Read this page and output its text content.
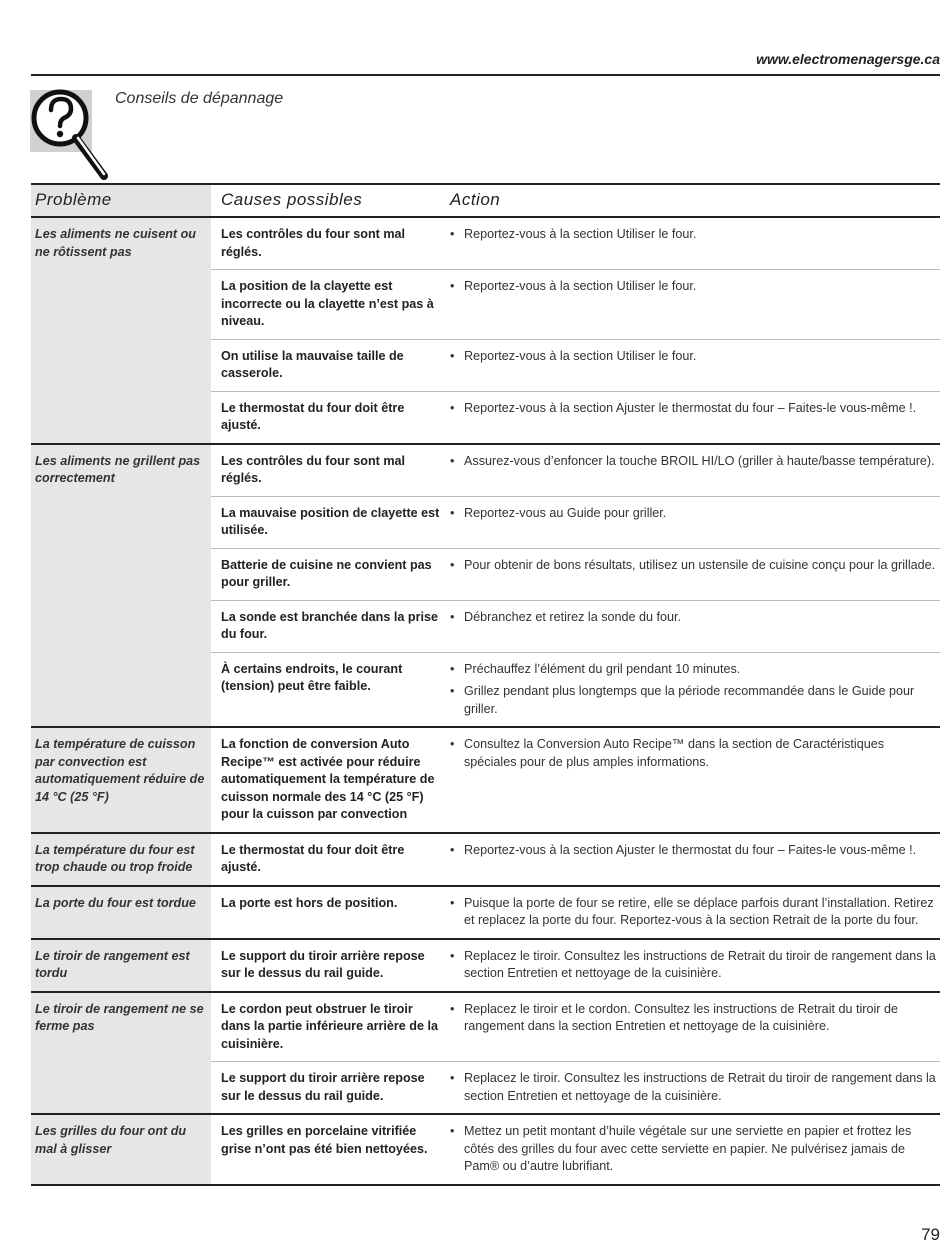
www.electromenagersge.ca
Conseils de dépannage
Problème	Causes possibles	Action
Les aliments ne cuisent ou ne rôtissent pas	Les contrôles du four sont mal réglés.	• Reportez-vous à la section Utiliser le four.

	La position de la clayette est incorrecte ou la clayette n’est pas à niveau.	• Reportez-vous à la section Utiliser le four.

	On utilise la mauvaise taille de casserole.	• Reportez-vous à la section Utiliser le four.

	Le thermostat du four doit être ajusté.	• Reportez-vous à la section Ajuster le thermostat du four – Faites-le vous-même !.

Les aliments ne grillent pas correctement	Les contrôles du four sont mal réglés.	• Assurez-vous d’enfoncer la touche BROIL HI/LO (griller à haute/basse température).

	La mauvaise position de clayette est utilisée.	• Reportez-vous au Guide pour griller.

	Batterie de cuisine ne convient pas pour griller.	• Pour obtenir de bons résultats, utilisez un ustensile de cuisine conçu pour la grillade.

	La sonde est branchée dans la prise du four.	• Débranchez et retirez la sonde du four.

	À certains endroits, le courant (tension) peut être faible.	• Préchauffez l’élément du gril pendant 10 minutes.
• Grillez pendant plus longtemps que la période recommandée dans le Guide pour griller.

La température de cuisson par convection est automatiquement réduire de 14 °C (25 °F)	La fonction de conversion Auto Recipe™ est activée pour réduire automatiquement la température de cuisson normale des 14 °C (25 °F) pour la cuisson par convection	• Consultez la Conversion Auto Recipe™ dans la section de Caractéristiques spéciales pour de plus amples informations.

La température du four est trop chaude ou trop froide	Le thermostat du four doit être ajusté.	• Reportez-vous à la section Ajuster le thermostat du four – Faites-le vous-même !.

La porte du four est tordue	La porte est hors de position.	• Puisque la porte de four se retire, elle se déplace parfois durant l’installation. Retirez et replacez la porte du four. Reportez-vous à la section Retrait de la porte du four.

Le tiroir de rangement est tordu	Le support du tiroir arrière repose sur le dessus du rail guide.	• Replacez le tiroir. Consultez les instructions de Retrait du tiroir de rangement dans la section Entretien et nettoyage de la cuisinière.

Le tiroir de rangement ne se ferme pas	Le cordon peut obstruer le tiroir dans la partie inférieure arrière de la cuisinière.	• Replacez le tiroir et le cordon. Consultez les instructions de Retrait du tiroir de rangement dans la section Entretien et nettoyage de la cuisinière.

	Le support du tiroir arrière repose sur le dessus du rail guide.	• Replacez le tiroir. Consultez les instructions de Retrait du tiroir de rangement dans la section Entretien et nettoyage de la cuisinière.

Les grilles du four ont du mal à glisser	Les grilles en porcelaine vitrifiée grise n’ont pas été bien nettoyées.	• Mettez un petit montant d’huile végétale sur une serviette en papier et frottez les côtés des grilles du four avec cette serviette en papier. Ne pulvérisez jamais de Pam® ou d’autre lubrifiant.
79
